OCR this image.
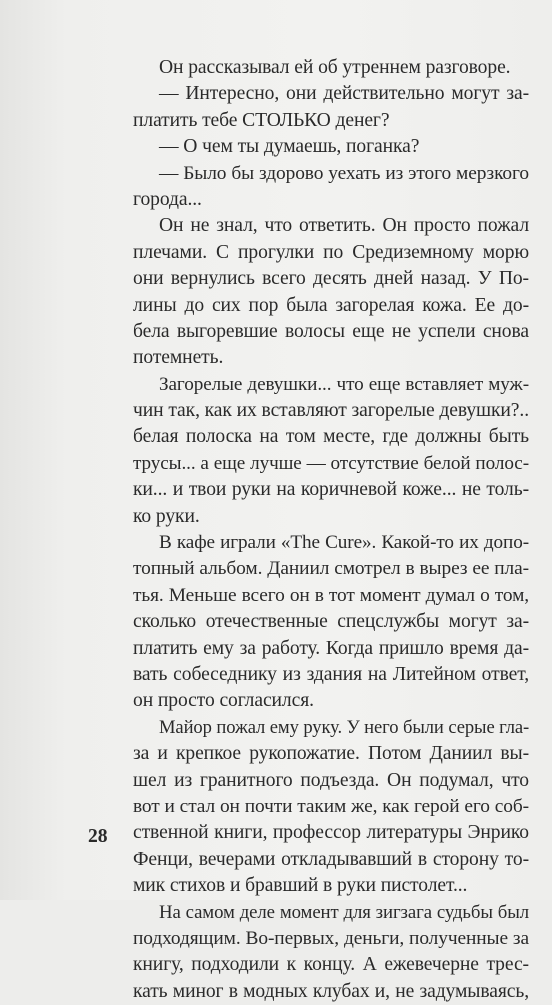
Он рассказывал ей об утреннем разговоре.
— Интересно, они действительно могут за-
платить тебе СТОЛЬКО денег?
— О чем ты думаешь, поганка?
— Было бы здорово уехать из этого мерзкого
города...
Он не знал, что ответить. Он просто пожал
плечами. С прогулки по Средиземному морю
они вернулись всего десять дней назад. У По-
лины до сих пор была загорелая кожа. Ее до-
бела выгоревшие волосы еще не успели снова
потемнеть.
Загорелые девушки... что еще вставляет муж-
чин так, как их вставляют загорелые девушки?..
белая полоска на том месте, где должны быть
трусы... а еще лучше — отсутствие белой полос-
ки... и твои руки на коричневой коже... не толь-
ко руки.
В кафе играли «The Cure». Какой-то их допо-
топный альбом. Даниил смотрел в вырез ее пла-
тья. Меньше всего он в тот момент думал о том,
сколько отечественные спецслужбы могут за-
платить ему за работу. Когда пришло время да-
вать собеседнику из здания на Литейном ответ,
он просто согласился.
Майор пожал ему руку. У него были серые гла-
за и крепкое рукопожатие. Потом Даниил вы-
шел из гранитного подъезда. Он подумал, что
вот и стал он почти таким же, как герой его соб-
ственной книги, профессор литературы Энрико
Фенци, вечерами откладывавший в сторону то-
мик стихов и бравший в руки пистолет...
На самом деле момент для зигзага судьбы был
подходящим. Во-первых, деньги, полученные за
книгу, подходили к концу. А ежевечерне трес-
кать миног в модных клубах и, не задумываясь,
28
